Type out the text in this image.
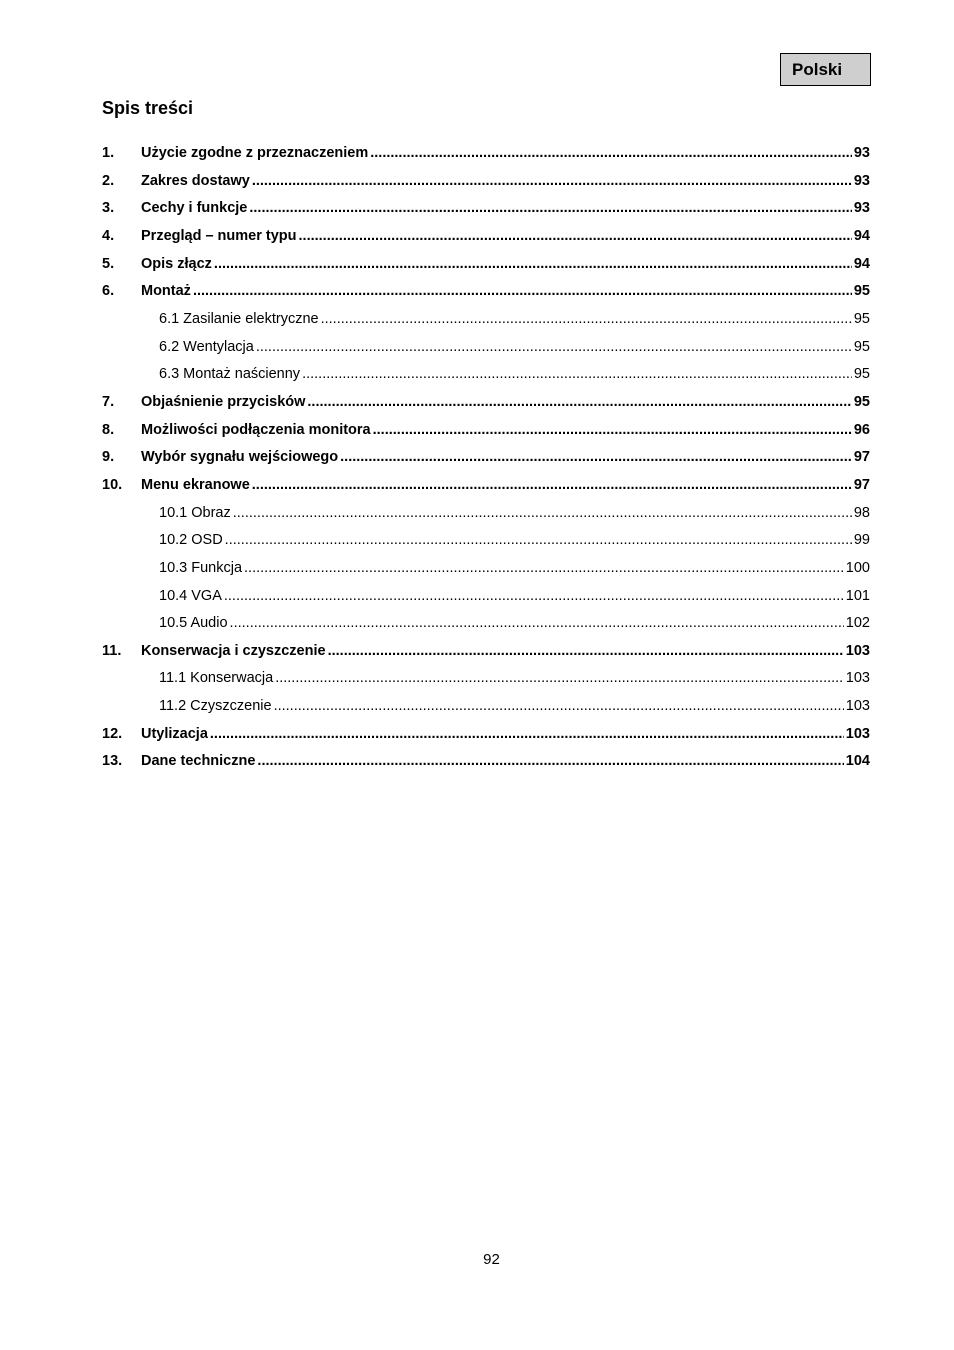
Polski
Spis treści
1.	Użycie zgodne z przeznaczeniem .....	93
2.	Zakres dostawy .....	93
3.	Cechy i funkcje .....	93
4.	Przegląd – numer typu .....	94
5.	Opis złącz .....	94
6.	Montaż .....	95
6.1 Zasilanie elektryczne .....	95
6.2 Wentylacja .....	95
6.3 Montaż naścienny .....	95
7.	Objaśnienie przycisków .....	95
8.	Możliwości podłączenia monitora .....	96
9.	Wybór sygnału wejściowego .....	97
10.	Menu ekranowe .....	97
10.1 Obraz .....	98
10.2 OSD .....	99
10.3 Funkcja .....	100
10.4 VGA .....	101
10.5 Audio .....	102
11.	Konserwacja i czyszczenie .....	103
11.1 Konserwacja .....	103
11.2 Czyszczenie .....	103
12.	Utylizacja .....	103
13.	Dane techniczne .....	104
92
